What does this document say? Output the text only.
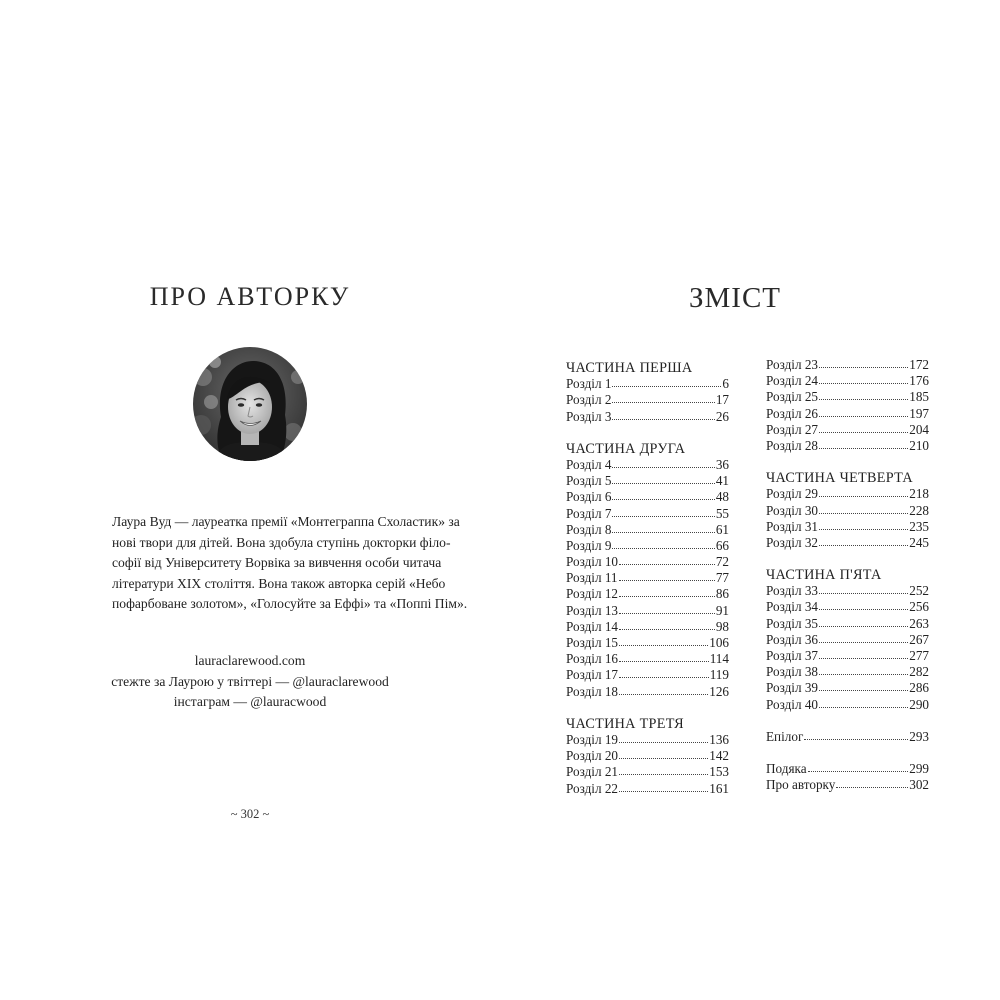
ПРО АВТОРКУ
Лаура Вуд — лауреатка премії «Монтеграппа Схоластик» за
нові твори для дітей. Вона здобула ступінь докторки філо-
софії від Університету Ворвіка за вивчення особи читача
літератури XIX століття. Вона також авторка серій «Небо
пофарбоване золотом», «Голосуйте за Еффі» та «Поппі Пім».
lauraclarewood.com
стежте за Лаурою у твіттері — @lauraclarewood
інстаграм — @lauracwood
~ 302 ~
ЗМІСТ
ЧАСТИНА ПЕРША
Розділ 1	6
Розділ 2	17
Розділ 3	26
ЧАСТИНА ДРУГА
Розділ 4	36
Розділ 5	41
Розділ 6	48
Розділ 7	55
Розділ 8	61
Розділ 9	66
Розділ 10	72
Розділ 11	77
Розділ 12	86
Розділ 13	91
Розділ 14	98
Розділ 15	106
Розділ 16	114
Розділ 17	119
Розділ 18	126
ЧАСТИНА ТРЕТЯ
Розділ 19	136
Розділ 20	142
Розділ 21	153
Розділ 22	161
Розділ 23	172
Розділ 24	176
Розділ 25	185
Розділ 26	197
Розділ 27	204
Розділ 28	210
ЧАСТИНА ЧЕТВЕРТА
Розділ 29	218
Розділ 30	228
Розділ 31	235
Розділ 32	245
ЧАСТИНА П'ЯТА
Розділ 33	252
Розділ 34	256
Розділ 35	263
Розділ 36	267
Розділ 37	277
Розділ 38	282
Розділ 39	286
Розділ 40	290
Епілог	293
Подяка	299
Про авторку	302
